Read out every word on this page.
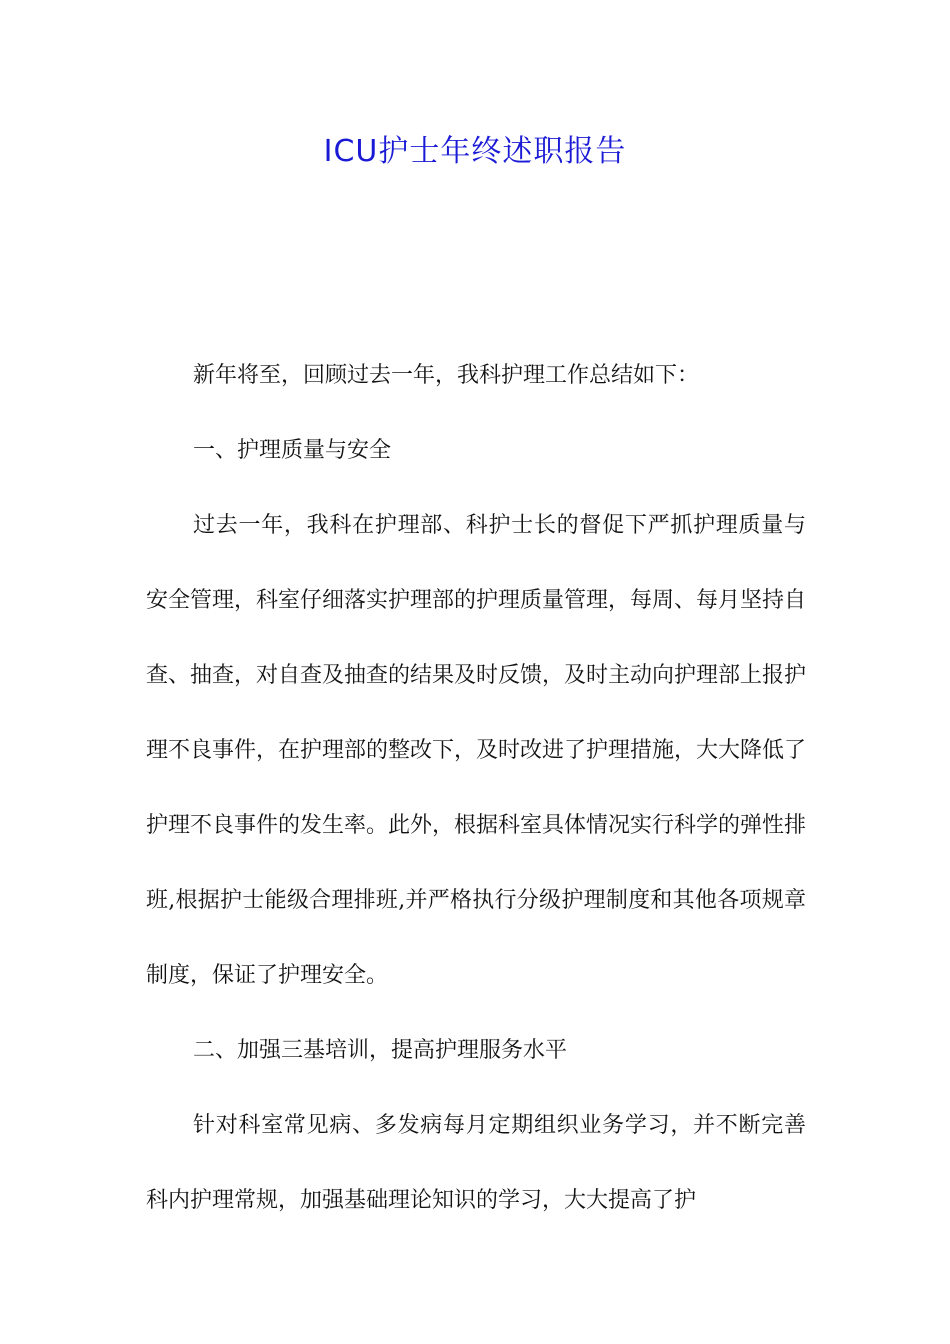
ICU护士年终述职报告

新年将至，回顾过去一年，我科护理工作总结如下：

一、护理质量与安全

过去一年，我科在护理部、科护士长的督促下严抓护理质量与安全管理，科室仔细落实护理部的护理质量管理，每周、每月坚持自查、抽查，对自查及抽查的结果及时反馈，及时主动向护理部上报护理不良事件，在护理部的整改下，及时改进了护理措施，大大降低了护理不良事件的发生率。此外，根据科室具体情况实行科学的弹性排班,根据护士能级合理排班,并严格执行分级护理制度和其他各项规章制度，保证了护理安全。

二、加强三基培训，提高护理服务水平

针对科室常见病、多发病每月定期组织业务学习，并不断完善科内护理常规，加强基础理论知识的学习，大大提高了护
